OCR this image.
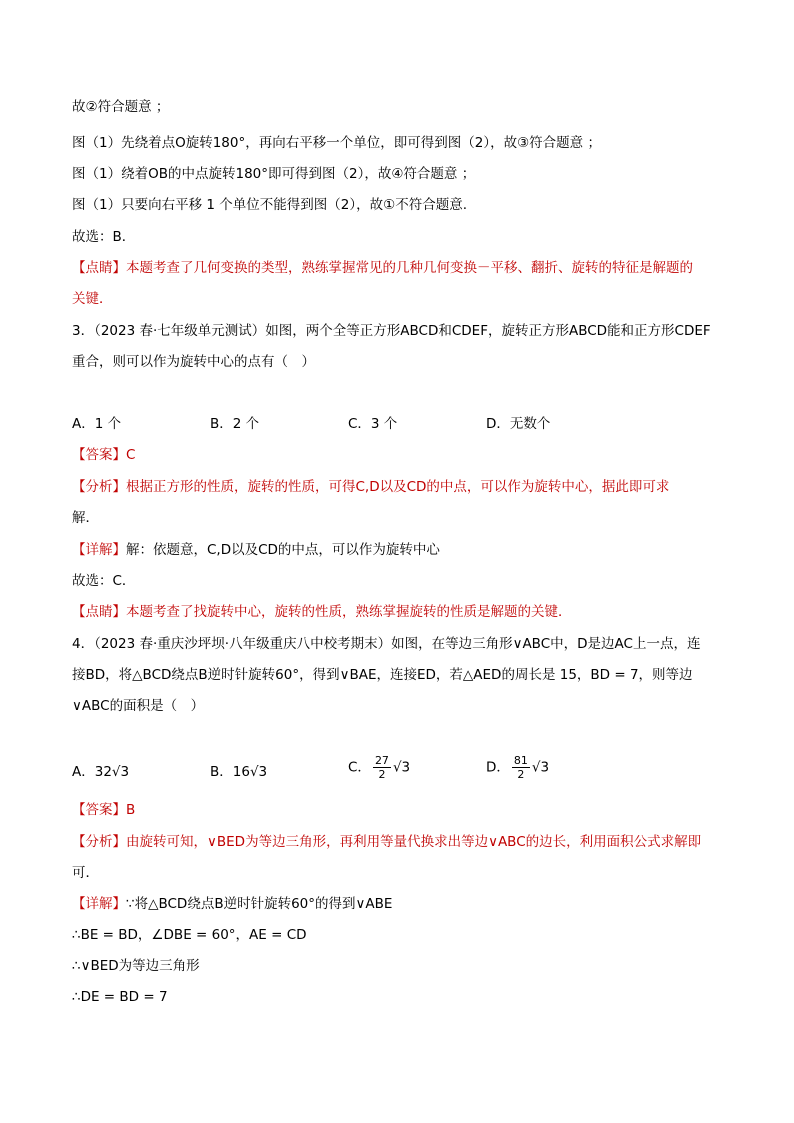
故②符合题意 ；
图（1）先绕着点O旋转180°，再向右平移一个单位，即可得到图（2），故③符合题意 ；
图（1）绕着OB的中点旋转180°即可得到图（2），故④符合题意 ；
图（1）只要向右平移 1 个单位不能得到图（2），故①不符合题意.
故选：B．
【点睛】本题考查了几何变换的类型，熟练掌握常见的几种几何变换－平移、翻折、旋转的特征是解题的
关键．
3．（2023 春·七年级单元测试）如图，两个全等正方形ABCD和CDEF，旋转正方形ABCD能和正方形CDEF
重合，则可以作为旋转中心的点有（　）
A．1 个	B．2 个	C．3 个	D．无数个
【答案】C
【分析】根据正方形的性质，旋转的性质，可得C,D以及CD的中点，可以作为旋转中心，据此即可求
解．
【详解】解：依题意，C,D以及CD的中点，可以作为旋转中心
故选：C．
【点睛】本题考查了找旋转中心，旋转的性质，熟练掌握旋转的性质是解题的关键．
4．（2023 春·重庆沙坪坝·八年级重庆八中校考期末）如图，在等边三角形∨ABC中，D是边AC上一点，连
接BD，将△BCD绕点B逆时针旋转60°，得到∨BAE，连接ED，若△AED的周长是 15，BD = 7，则等边
∨ABC的面积是（　）
A．32√3	B．16√3	C． $\frac{27}{2} √3$	D． $\frac{81}{2} √3$
【答案】B
【分析】由旋转可知，∨BED为等边三角形，再利用等量代换求出等边∨ABC的边长，利用面积公式求解即
可．
【详解】∵将△BCD绕点B逆时针旋转60°的得到∨ABE
∴BE = BD，∠DBE = 60°，AE = CD
∴∨BED为等边三角形
∴DE = BD = 7
